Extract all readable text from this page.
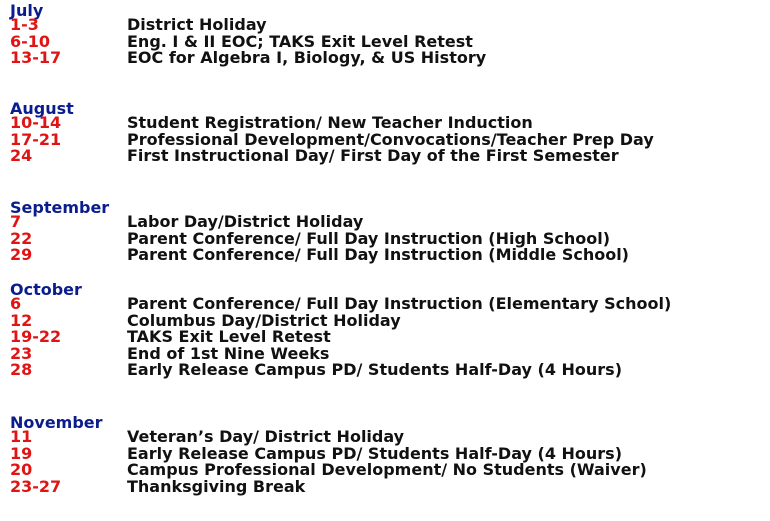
July
1-3	District Holiday
6-10	Eng. I & II EOC; TAKS Exit Level Retest
13-17	EOC for Algebra I, Biology, & US History
August
10-14	Student Registration/ New Teacher Induction
17-21	Professional Development/Convocations/Teacher Prep Day
24	First Instructional Day/ First Day of the First Semester
September
7	Labor Day/District Holiday
22	Parent Conference/ Full Day Instruction (High School)
29	Parent Conference/ Full Day Instruction (Middle School)
October
6	Parent Conference/ Full Day Instruction (Elementary School)
12	Columbus Day/District Holiday
19-22	TAKS Exit Level Retest
23	End of 1st Nine Weeks
28	Early Release Campus PD/ Students Half-Day (4 Hours)
November
11	Veteran’s Day/ District Holiday
19	Early Release Campus PD/ Students Half-Day (4 Hours)
20	Campus Professional Development/ No Students (Waiver)
23-27	Thanksgiving Break
